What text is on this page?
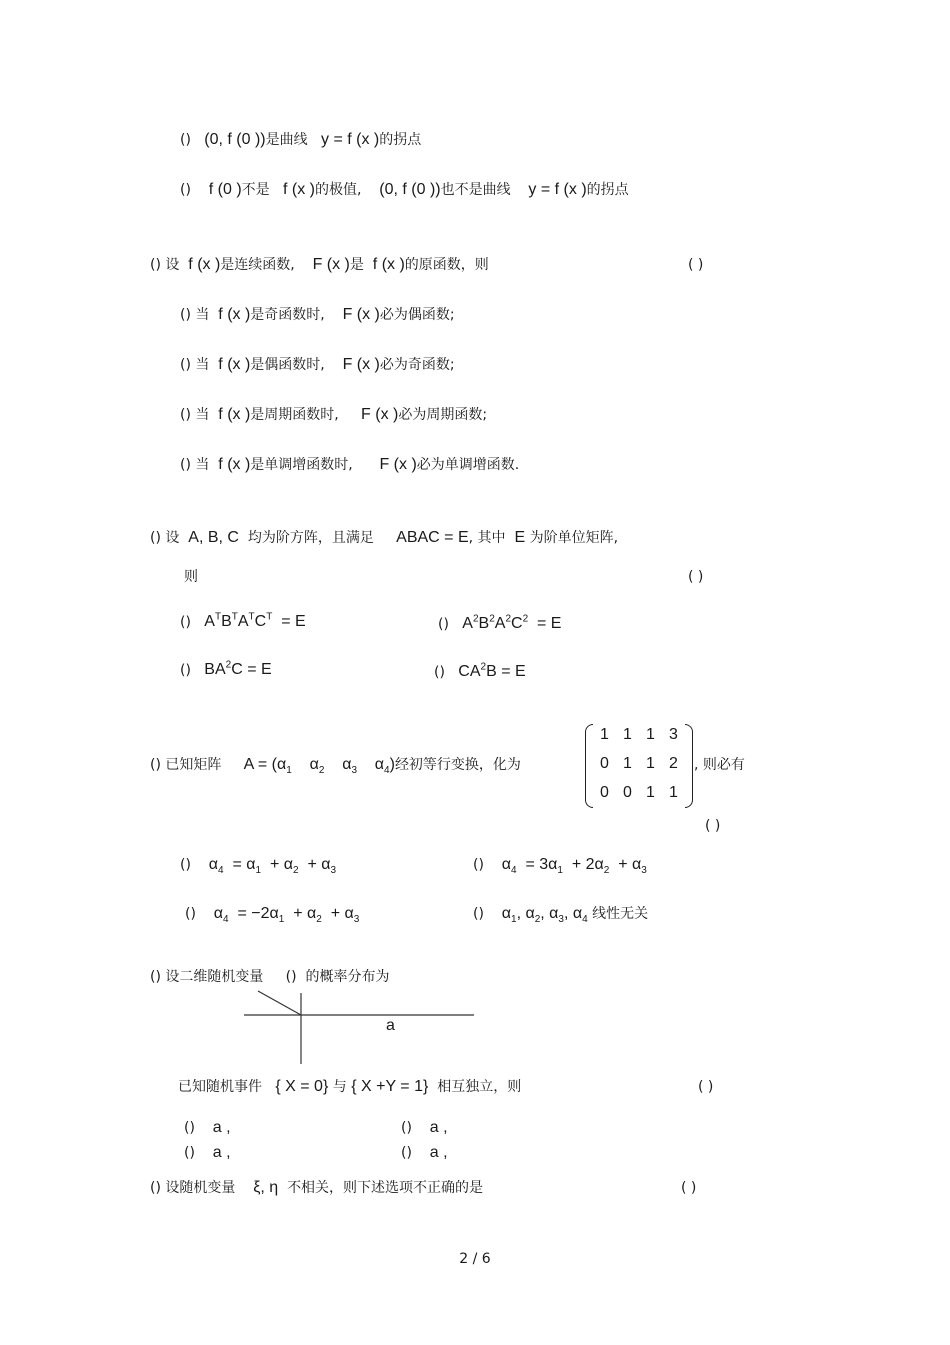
() (0, f (0 ))是曲线 y = f (x )的拐点
() f (0 )不是 f (x )的极值, (0, f (0 ))也不是曲线 y = f (x )的拐点
() 设 f (x )是连续函数, F (x )是 f (x )的原函数，则	( )
() 当 f (x )是奇函数时, F (x )必为偶函数;
() 当 f (x )是偶函数时, F (x )必为奇函数;
() 当 f (x )是周期函数时, F (x )必为周期函数;
() 当 f (x )是单调增函数时, F (x )必为单调增函数.
() 设 A, B, C 均为阶方阵，且满足 ABAC = E, 其中 E 为阶单位矩阵,
则	( )
() $A^TB^TA^TC^T = E$	() $A^2B^2A^2C^2 = E$
() $BA^2C = E$	() $CA^2B = E$
() 已知矩阵 $A = (\alpha_1$    $\alpha_2$    $\alpha_3$    $\alpha_4$)经初等行变换，化为
1 1 1 3
0 1 1 2
0 0 1 1
, 则必有
( )
() $\alpha_4 = \alpha_1 + \alpha_2 + \alpha_3$	() $\alpha_4 = 3\alpha_1 + 2\alpha_2 + \alpha_3$
() $\alpha_4 = -2\alpha_1 + \alpha_2 + \alpha_3$	() $\alpha_1$, $\alpha_2$, $\alpha_3$, $\alpha_4$ 线性无关
() 设二维随机变量 () 的概率分布为
a
已知随机事件 { X = 0} 与 { X +Y = 1} 相互独立，则	( )
() a ,	() a ,
() a ,	() a ,
() 设随机变量 ξ, η 不相关，则下述选项不正确的是	( )
2 / 6
